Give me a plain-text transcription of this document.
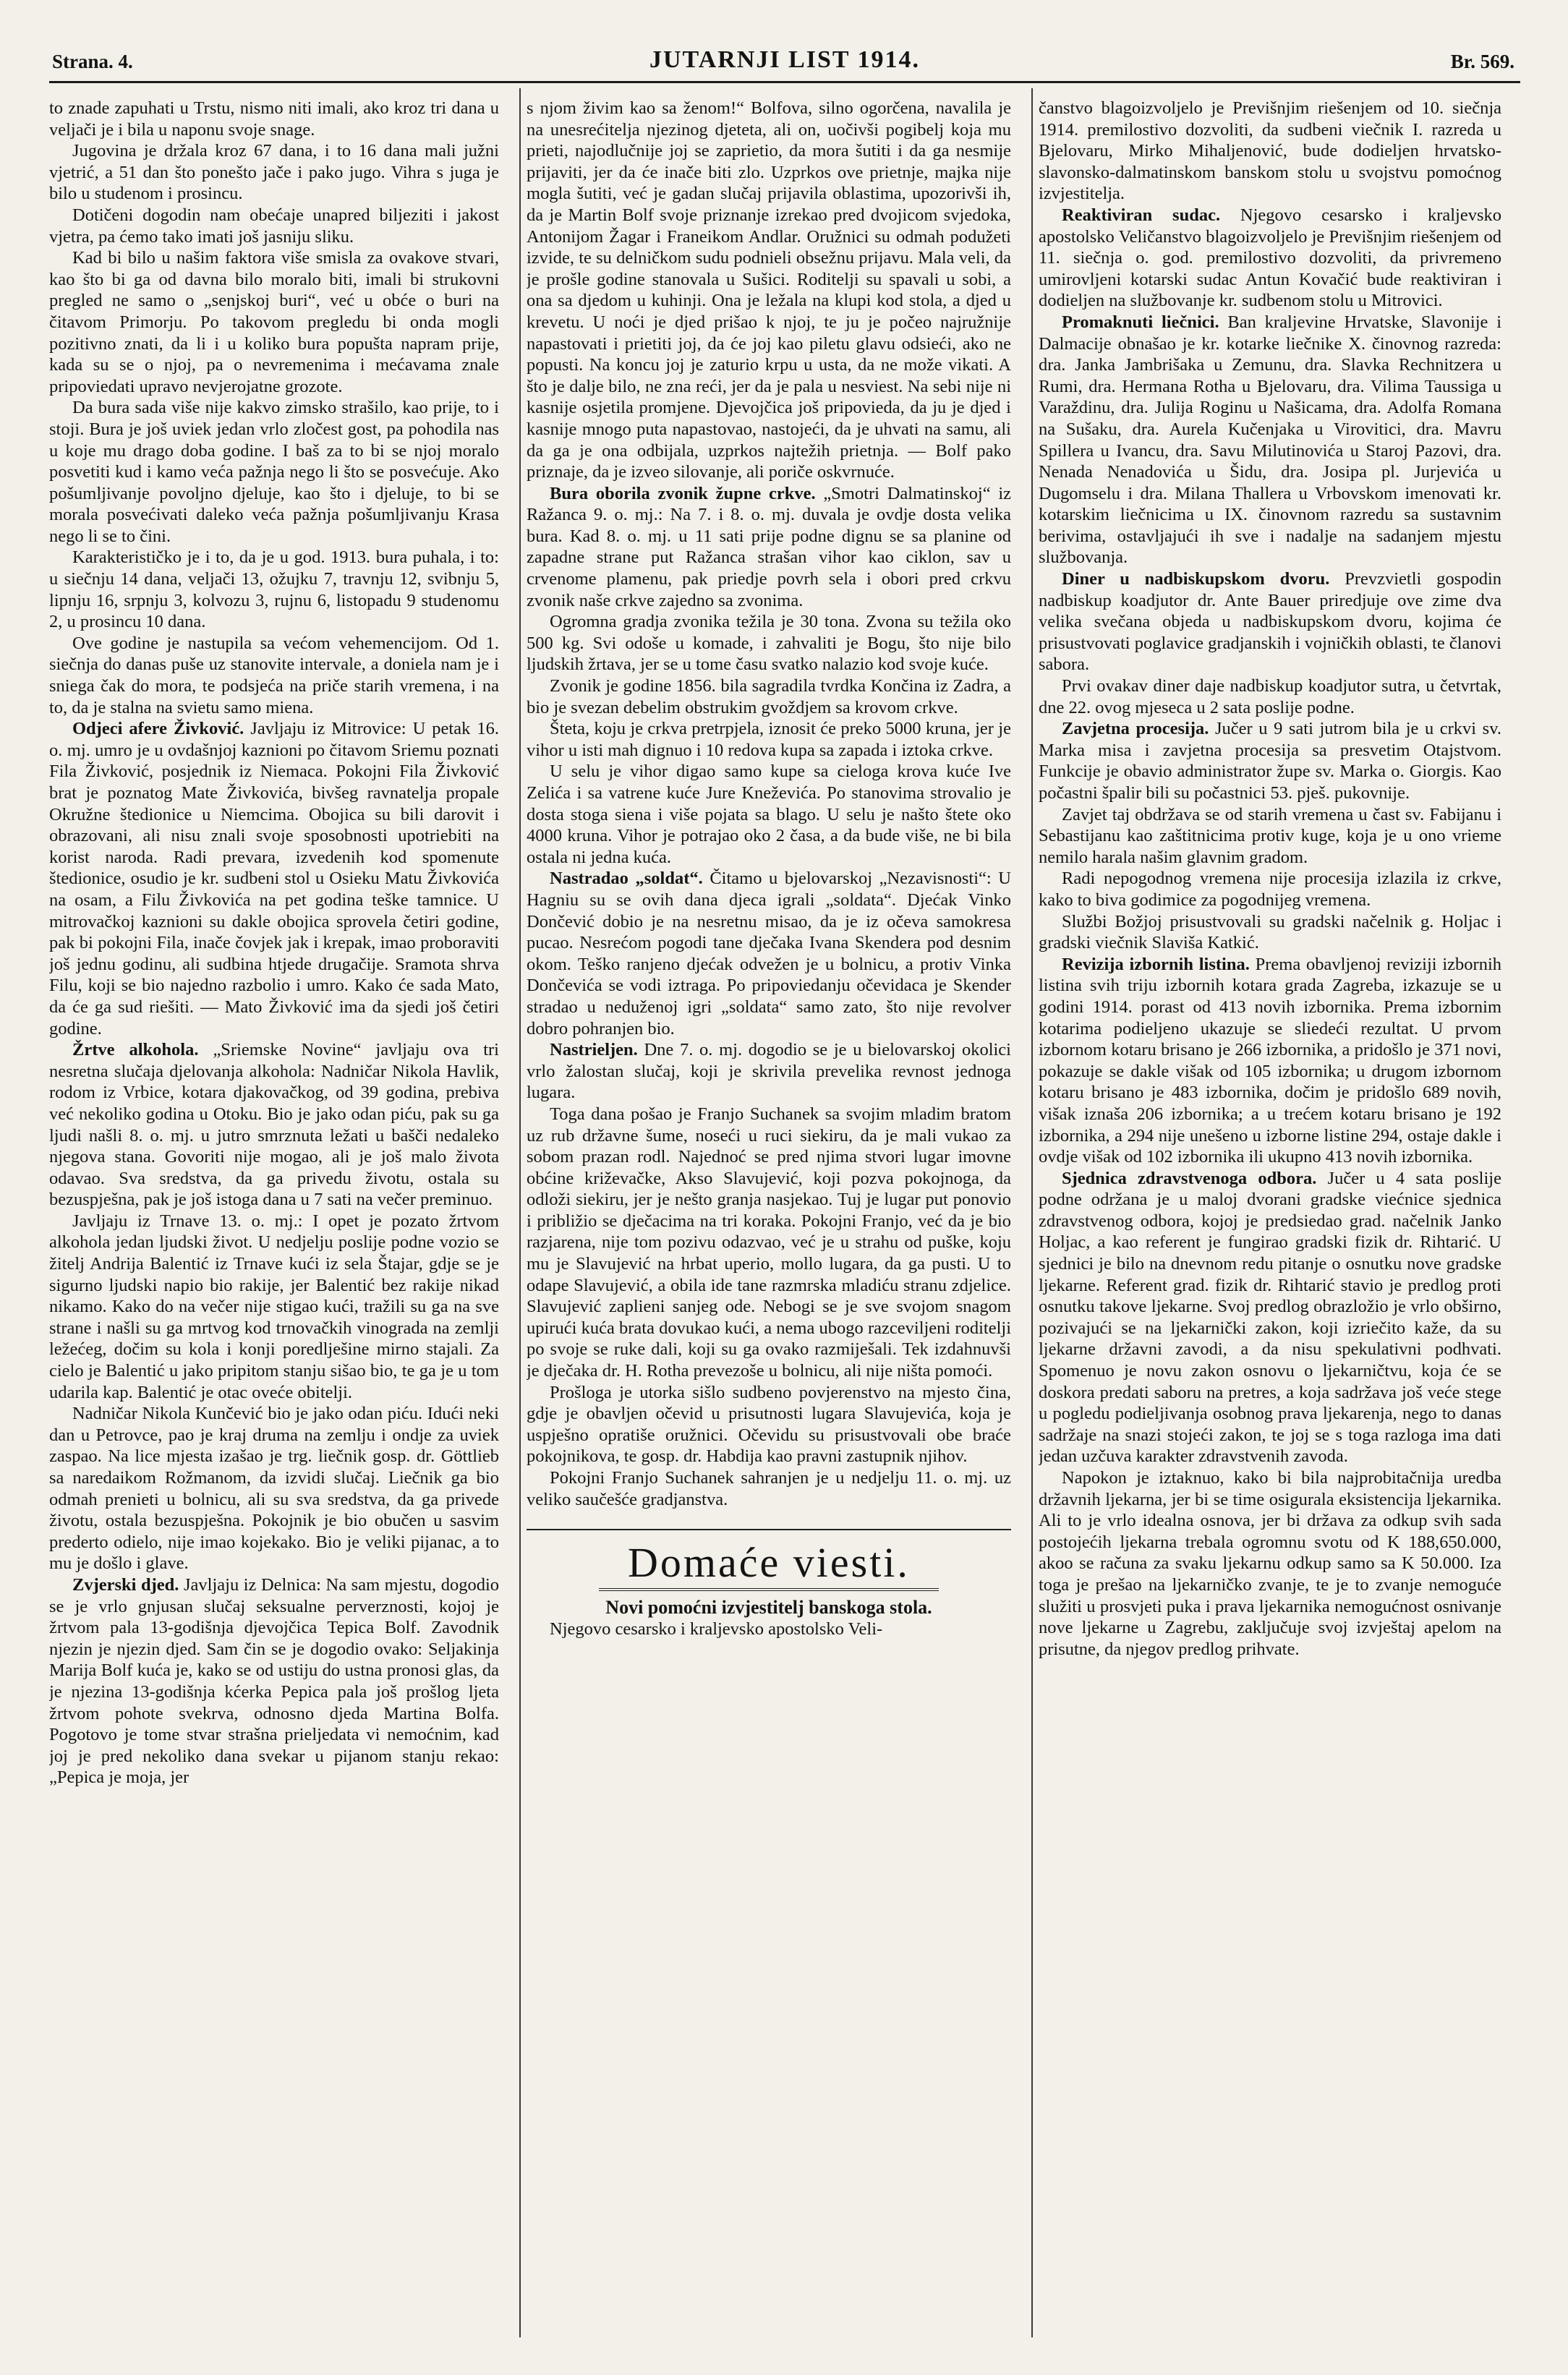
Strana. 4.	JUTARNJI LIST 1914.	Br. 569.

to znade zapuhati u Trstu, nismo niti imali, ako kroz tri dana u veljači je i bila u naponu svoje snage.

Jugovina je držala kroz 67 dana, i to 16 dana mali južni vjetrić, a 51 dan što ponešto jače i pako jugo. Vihra s juga je bilo u studenom i prosincu.

Dotičeni dogodin nam obećaje unapred biljeziti i jakost vjetra, pa ćemo tako imati još jasniju sliku.

Kad bi bilo u našim faktora više smisla za ovakove stvari, kao što bi ga od davna bilo moralo biti, imali bi strukovni pregled ne samo o „senjskoj buri“, već u obće o buri na čitavom Primorju. Po takovom pregledu bi onda mogli pozitivno znati, da li i u koliko bura popušta napram prije, kada su se o njoj, pa o nevremenima i mećavama znale pripoviedati upravo nevjerojatne grozote.

Da bura sada više nije kakvo zimsko strašilo, kao prije, to i stoji. Bura je još uviek jedan vrlo zločest gost, pa pohodila nas u koje mu drago doba godine. I baš za to bi se njoj moralo posvetiti kud i kamo veća pažnja nego li što se posvećuje. Ako pošumljivanje povoljno djeluje, kao što i djeluje, to bi se morala posvećivati daleko veća pažnja pošumljivanju Krasa nego li se to čini.

Karakterističko je i to, da je u god. 1913. bura puhala, i to: u siečnju 14 dana, veljači 13, ožujku 7, travnju 12, svibnju 5, lipnju 16, srpnju 3, kolvozu 3, rujnu 6, listopadu 9 studenomu 2, u prosincu 10 dana.

Ove godine je nastupila sa većom vehemencijom. Od 1. siečnja do danas puše uz stanovite intervale, a doniela nam je i sniega čak do mora, te podsjeća na priče starih vremena, i na to, da je stalna na svietu samo miena.

Odjeci afere Živković. Javljaju iz Mitrovice: U petak 16. o. mj. umro je u ovdašnjoj kaznioni po čitavom Sriemu poznati Fila Živković, posjednik iz Niemaca. Pokojni Fila Živković brat je poznatog Mate Živkovića, bivšeg ravnatelja propale Okružne štedionice u Niemcima. Obojica su bili darovit i obrazovani, ali nisu znali svoje sposobnosti upotriebiti na korist naroda. Radi prevara, izvedenih kod spomenute štedionice, osudio je kr. sudbeni stol u Osieku Matu Živkovića na osam, a Filu Živkovića na pet godina teške tamnice. U mitrovačkoj kaznioni su dakle obojica sprovela četiri godine, pak bi pokojni Fila, inače čovjek jak i krepak, imao proboraviti još jednu godinu, ali sudbina htjede drugačije. Sramota shrva Filu, koji se bio najedno razbolio i umro. Kako će sada Mato, da će ga sud riešiti. — Mato Živković ima da sjedi još četiri godine.

Žrtve alkohola. „Sriemske Novine“ javljaju ova tri nesretna slučaja djelovanja alkohola: Nadničar Nikola Havlik, rodom iz Vrbice, kotara djakovačkog, od 39 godina, prebiva već nekoliko godina u Otoku. Bio je jako odan piću, pak su ga ljudi našli 8. o. mj. u jutro smrznuta ležati u bašči nedaleko njegova stana. Govoriti nije mogao, ali je još malo života odavao. Sva sredstva, da ga privedu životu, ostala su bezuspješna, pak je još istoga dana u 7 sati na večer preminuo.

Javljaju iz Trnave 13. o. mj.: I opet je pozato žrtvom alkohola jedan ljudski život. U nedjelju poslije podne vozio se žitelj Andrija Balentić iz Trnave kući iz sela Štajar, gdje se je sigurno ljudski napio bio rakije, jer Balentić bez rakije nikad nikamo. Kako do na večer nije stigao kući, tražili su ga na sve strane i našli su ga mrtvog kod trnovačkih vinograda na zemlji ležećeg, dočim su kola i konji poredlješine mirno stajali. Za cielo je Balentić u jako pripitom stanju sišao bio, te ga je u tom udarila kap. Balentić je otac oveće obitelji.

Nadničar Nikola Kunčević bio je jako odan piću. Idući neki dan u Petrovce, pao je kraj druma na zemlju i ondje za uviek zaspao. Na lice mjesta izašao je trg. liečnik gosp. dr. Göttlieb sa naredaikom Rožmanom, da izvidi slučaj. Liečnik ga bio odmah prenieti u bolnicu, ali su sva sredstva, da ga privede životu, ostala bezuspješna. Pokojnik je bio obučen u sasvim prederto odielo, nije imao kojekako. Bio je veliki pijanac, a to mu je došlo i glave.

Zvjerski djed. Javljaju iz Delnica: Na sam mjestu, dogodio se je vrlo gnjusan slučaj seksualne perverznosti, kojoj je žrtvom pala 13-godišnja djevojčica Tepica Bolf. Zavodnik njezin je njezin djed. Sam čin se je dogodio ovako: Seljakinja Marija Bolf kuća je, kako se od ustiju do ustna pronosi glas, da je njezina 13-godišnja kćerka Pepica pala još prošlog ljeta žrtvom pohote svekrva, odnosno djeda Martina Bolfa. Pogotovo je tome stvar strašna prieljedata vi nemoćnim, kad joj je pred nekoliko dana svekar u pijanom stanju rekao: „Pepica je moja, jer

s njom živim kao sa ženom!“ Bolfova, silno ogorčena, navalila je na unesrećitelja njezinog djeteta, ali on, uočivši pogibelj koja mu prieti, najodlučnije joj se zaprietio, da mora šutiti i da ga nesmije prijaviti, jer da će inače biti zlo. Uzprkos ove prietnje, majka nije mogla šutiti, već je gadan slučaj prijavila oblastima, upozorivši ih, da je Martin Bolf svoje priznanje izrekao pred dvojicom svjedoka, Antonijom Žagar i Franeikom Andlar. Oružnici su odmah podužeti izvide, te su delničkom sudu podnieli obsežnu prijavu. Mala veli, da je prošle godine stanovala u Sušici. Roditelji su spavali u sobi, a ona sa djedom u kuhinji. Ona je ležala na klupi kod stola, a djed u krevetu. U noći je djed prišao k njoj, te ju je počeo najružnije napastovati i prietiti joj, da će joj kao piletu glavu odsieći, ako ne popusti. Na koncu joj je zaturio krpu u usta, da ne može vikati. A što je dalje bilo, ne zna reći, jer da je pala u nesviest. Na sebi nije ni kasnije osjetila promjene. Djevojčica još pripovieda, da ju je djed i kasnije mnogo puta napastovao, nastojeći, da je uhvati na samu, ali da ga je ona odbijala, uzprkos najtežih prietnja. — Bolf pako priznaje, da je izveo silovanje, ali poriče oskvrnuće.

Bura oborila zvonik župne crkve. „Smotri Dalmatinskoj“ iz Ražanca 9. o. mj.: Na 7. i 8. o. mj. duvala je ovdje dosta velika bura. Kad 8. o. mj. u 11 sati prije podne dignu se sa planine od zapadne strane put Ražanca strašan vihor kao ciklon, sav u crvenome plamenu, pak priedje povrh sela i obori pred crkvu zvonik naše crkve zajedno sa zvonima.

Ogromna gradja zvonika težila je 30 tona. Zvona su težila oko 500 kg. Svi odoše u komade, i zahvaliti je Bogu, što nije bilo ljudskih žrtava, jer se u tome času svatko nalazio kod svoje kuće.

Zvonik je godine 1856. bila sagradila tvrdka Končina iz Zadra, a bio je svezan debelim obstrukim gvoždjem sa krovom crkve.

Šteta, koju je crkva pretrpjela, iznosit će preko 5000 kruna, jer je vihor u isti mah dignuo i 10 redova kupa sa zapada i iztoka crkve.

U selu je vihor digao samo kupe sa cielogа krova kuće Ive Zelića i sa vatrene kuće Jure Kneževića. Po stanovima strovalio je dosta stoga siena i više pojata sa blago. U selu je našto štete oko 4000 kruna. Vihor je potrajao oko 2 časa, a da bude više, ne bi bila ostala ni jedna kuća.

Nastradao „soldat“. Čitamo u bjelovarskoj „Nezavisnosti“: U Hagniu su se ovih dana djeca igrali „soldata“. Djećak Vinko Dončević dobio je na nesretnu misao, da je iz očeva samokresa pucao. Nesrećom pogodi tane dječaka Ivana Skendera pod desnim okom. Teško ranjeno djećak odvežen je u bolnicu, a protiv Vinka Dončevića se vodi iztraga. Po pripoviedanju očevidaca je Skender stradao u neduženoj igri „soldata“ samo zato, što nije revolver dobro pohranjen bio.

Nastrieljen. Dne 7. o. mj. dogodio se je u bielovarskoj okolici vrlo žalostan slučaj, koji je skrivila prevelika revnost jednoga lugara.

Toga dana pošao je Franjo Suchanek sa svojim mladim bratom uz rub državne šume, noseći u ruci siekiru, da je mali vukao za sobom prazan rodl. Najednoć se pred njima stvori lugar imovne obćine križevačke, Akso Slavujević, koji pozva pokojnoga, da odloži siekiru, jer je nešto granja nasjekao. Tuj je lugar put ponovio i približio se dječacima na tri koraka. Pokojni Franjo, već da je bio razjarena, nije tom pozivu odazvao, već je u strahu od puške, koju mu je Slavujević na hrbat uperio, mollo lugara, da ga pusti. U to odape Slavujević, a obila ide tane razmrska mladiću stranu zdjelice. Slavujević zaplieni sanjeg ode. Nebogi se je sve svojom snagom upirući kuća brata dovukao kući, a nema ubogo razceviljeni roditelji po svoje se ruke dali, koji su ga ovako razmiješali. Tek izdahnuvši je dječaka dr. H. Rotha prevezoše u bolnicu, ali nije ništa pomoći.

Prošloga je utorka sišlo sudbeno povjerenstvo na mjesto čina, gdje je obavljen očevid u prisutnosti lugara Slavujevića, koja je uspješno opratiše oružnici. Očevidu su prisustvovali obe braće pokojnikova, te gosp. dr. Habdija kao pravni zastupnik njihov.

Pokojni Franjo Suchanek sahranjen je u nedjelju 11. o. mj. uz veliko saučešće gradjanstva.

Domaće viesti.
Novi pomoćni izvjestitelj banskoga stola.

Njegovo cesarsko i kraljevsko apostolsko Veli-

čanstvo blagoizvoljelo je Previšnjim riešenjem od 10. siečnja 1914. premilostivo dozvoliti, da sudbeni viečnik I. razreda u Bjelovaru, Mirko Mihaljenović, bude dodieljen hrvatsko-slavonsko-dalmatinskom banskom stolu u svojstvu pomoćnog izvjestitelja.

Reaktiviran sudac. Njegovo cesarsko i kraljevsko apostolsko Veličanstvo blagoizvoljelo je Previšnjim riešenjem od 11. siečnja o. god. premilostivo dozvoliti, da privremeno umirovljeni kotarski sudac Antun Kovačić bude reaktiviran i dodieljen na službovanje kr. sudbenom stolu u Mitrovici.

Promaknuti liečnici. Ban kraljevine Hrvatske, Slavonije i Dalmacije obnašao je kr. kotarke liečnike X. činovnog razreda: dra. Janka Jambrišaka u Zemunu, dra. Slavka Rechnitzera u Rumi, dra. Hermana Rotha u Bjelovaru, dra. Vilima Taussiga u Varaždinu, dra. Julija Roginu u Našicama, dra. Adolfa Romana na Sušaku, dra. Aurela Kučenjaka u Virovitici, dra. Mavru Spillera u Ivancu, dra. Savu Milutinovića u Staroj Pazovi, dra. Nenada Nenadovića u Šidu, dra. Josipa pl. Jurjevića u Dugomselu i dra. Milana Thallera u Vrbovskom imenovati kr. kotarskim liečnicima u IX. činovnom razredu sa sustavnim berivima, ostavljajući ih sve i nadalje na sadanjem mjestu službovanja.

Diner u nadbiskupskom dvoru. Prevzvietli gospodin nadbiskup koadjutor dr. Ante Bauer priredjuje ove zime dva velika svečana objeda u nadbiskupskom dvoru, kojima će prisustvovati poglavice gradjanskih i vojničkih oblasti, te članovi sabora.

Prvi ovakav diner daje nadbiskup koadjutor sutra, u četvrtak, dne 22. ovog mjeseca u 2 sata poslije podne.

Zavjetna procesija. Jučer u 9 sati jutrom bila je u crkvi sv. Marka misa i zavjetna procesija sa presvetim Otajstvom. Funkcije je obavio administrator župe sv. Marka o. Giorgis. Kao počastni špalir bili su počastnici 53. pješ. pukovnije.

Zavjet taj obdržava se od starih vremena u čast sv. Fabijanu i Sebastijanu kao zaštitnicima protiv kuge, koja je u ono vrieme nemilo harala našim glavnim gradom.

Radi nepogodnog vremena nije procesija izlazila iz crkve, kako to biva godimice za pogodnijeg vremena.

Službi Božjoj prisustvovali su gradski načelnik g. Holjac i gradski viečnik Slaviša Katkić.

Revizija izbornih listina. Prema obavljenoj reviziji izbornih listina svih triju izbornih kotara grada Zagreba, izkazuje se u godini 1914. porast od 413 novih izbornika. Prema izbornim kotarima podieljeno ukazuje se sliedeći rezultat. U prvom izbornom kotaru brisano je 266 izbornika, a pridošlo je 371 novi, pokazuje se dakle višak od 105 izbornika; u drugom izbornom kotaru brisano je 483 izbornika, dočim je pridošlo 689 novih, višak iznaša 206 izbornika; a u trećem kotaru brisano je 192 izbornika, a 294 nije unešeno u izborne listine 294, ostaje dakle i ovdje višak od 102 izbornika ili ukupno 413 novih izbornika.

Sjednica zdravstvenoga odbora. Jučer u 4 sata poslije podne održana je u maloj dvorani gradske viećnice sjednica zdravstvenog odbora, kojoj je predsiedao grad. načelnik Janko Holjac, a kao referent je fungirao gradski fizik dr. Rihtarić. U sjednici je bilo na dnevnom redu pitanje o osnutku nove gradske ljekarne. Referent grad. fizik dr. Rihtarić stavio je predlog proti osnutku takove ljekarne. Svoj predlog obrazložio je vrlo obširno, pozivajući se na ljekarnički zakon, koji izriečito kaže, da su ljekarne državni zavodi, a da nisu spekulativni podhvati. Spomenuo je novu zakon osnovu o ljekarničtvu, koja će se doskora predati saboru na pretres, a koja sadržava još veće stege u pogledu podieljivanja osobnog prava ljekarenja, nego to danas sadržaje na snazi stojeći zakon, te joj se s toga razloga ima dati jedan uzčuva karakter zdravstvenih zavoda.

Napokon je iztaknuo, kako bi bila najprobitačnija uredba državnih ljekarna, jer bi se time osigurala eksistencija ljekarnika. Ali to je vrlo idealna osnova, jer bi država za odkup svih sada postojećih ljekarna trebala ogromnu svotu od K 188,650.000, akoo se računa za svaku ljekarnu odkup samo sa K 50.000. Iza toga je prešao na ljekarničko zvanje, te je to zvanje nemoguće služiti u prosvjeti pukа i prava ljekarnikа nemogućnost osnivanje nove ljekarne u Zagrebu, zaključuje svoj izvještaj apelom na prisutne, da njegov predlog prihvate.
